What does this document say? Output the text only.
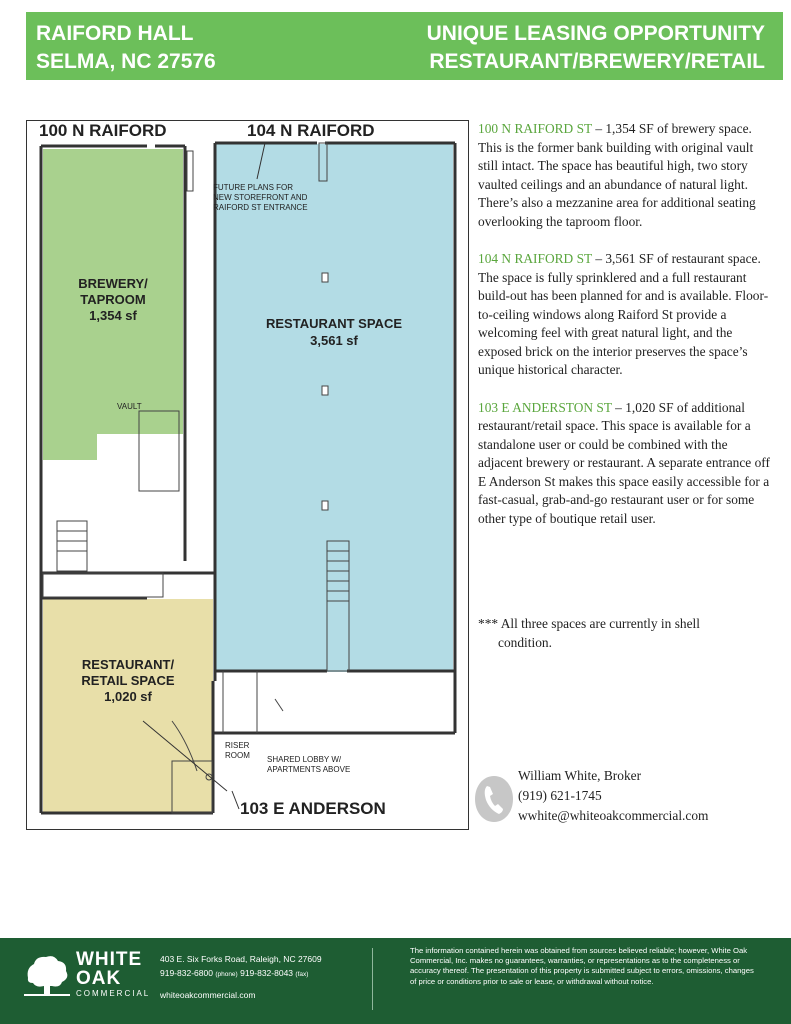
RAIFORD HALL
SELMA, NC 27576
UNIQUE LEASING OPPORTUNITY
RESTAURANT/BREWERY/RETAIL
100 N RAIFORD	104 N RAIFORD
103 E ANDERSON
FUTURE PLANS FOR
NEW STOREFRONT AND
RAIFORD ST ENTRANCE
BREWERY/
TAPROOM
1,354 sf
VAULT
RESTAURANT SPACE
3,561 sf
RESTAURANT/
RETAIL SPACE
1,020 sf
RISER
ROOM SHARED LOBBY W/
APARTMENTS ABOVE

100 N RAIFORD ST – 1,354 SF of brewery space. This is the former bank building with original vault still intact. The space has beautiful high, two story vaulted ceilings and an abundance of natural light. There’s also a mezzanine area for additional seating overlooking the taproom floor.

104 N RAIFORD ST – 3,561 SF of restaurant space. The space is fully sprinklered and a full restaurant build-out has been planned for and is available. Floor-to-ceiling windows along Raiford St provide a welcoming feel with great natural light, and the exposed brick on the interior preserves the space’s unique historical character.

103 E ANDERSTON ST – 1,020 SF of additional restaurant/retail space. This space is available for a standalone user or could be combined with the adjacent brewery or restaurant. A separate entrance off E Anderson St makes this space easily accessible for a fast-casual, grab-and-go restaurant user or for some other type of boutique retail user.

*** All three spaces are currently in shell
condition.
William White, Broker
(919) 621-1745
wwhite@whiteoakcommercial.com
WHITE
OAK
COMMERCIAL
403 E. Six Forks Road, Raleigh, NC 27609
919-832-6800 (phone) 919-832-8043 (fax)
whiteoakcommercial.com
The information contained herein was obtained from sources believed reliable; however, White Oak Commercial, Inc. makes no guarantees, warranties, or representations as to the completeness or accuracy thereof. The presentation of this property is submitted subject to errors, omissions, changes of price or conditions prior to sale or lease, or withdrawal without notice.
